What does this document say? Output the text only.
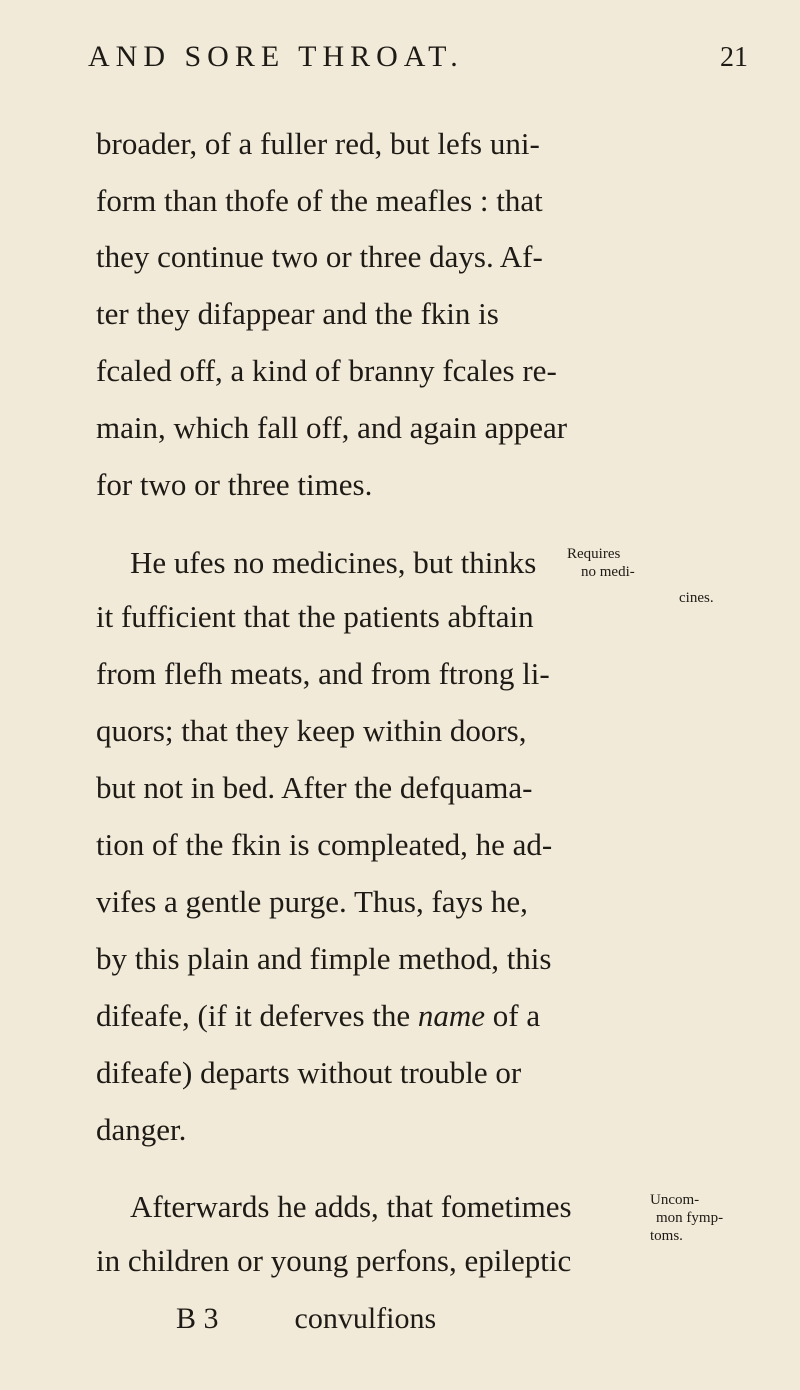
AND SORE THROAT.	21
broader, of a fuller red, but lefs uni-
form than thofe of the meafles : that
they continue two or three days. Af-
ter they difappear and the fkin is
fcaled off, a kind of branny fcales re-
main, which fall off, and again appear
for two or three times.
He ufes no medicines, but thinks Requires
no medi-
cines.
it fufficient that the patients abftain
from flefh meats, and from ftrong li-
quors; that they keep within doors,
but not in bed. After the defquama-
tion of the fkin is compleated, he ad-
vifes a gentle purge. Thus, fays he,
by this plain and fimple method, this
difeafe, (if it deferves the name of a
difeafe) departs without trouble or
danger.
Afterwards he adds, that fometimes	Uncom-
mon fymp-
toms.
in children or young perfons, epileptic
B 3	convulfions
